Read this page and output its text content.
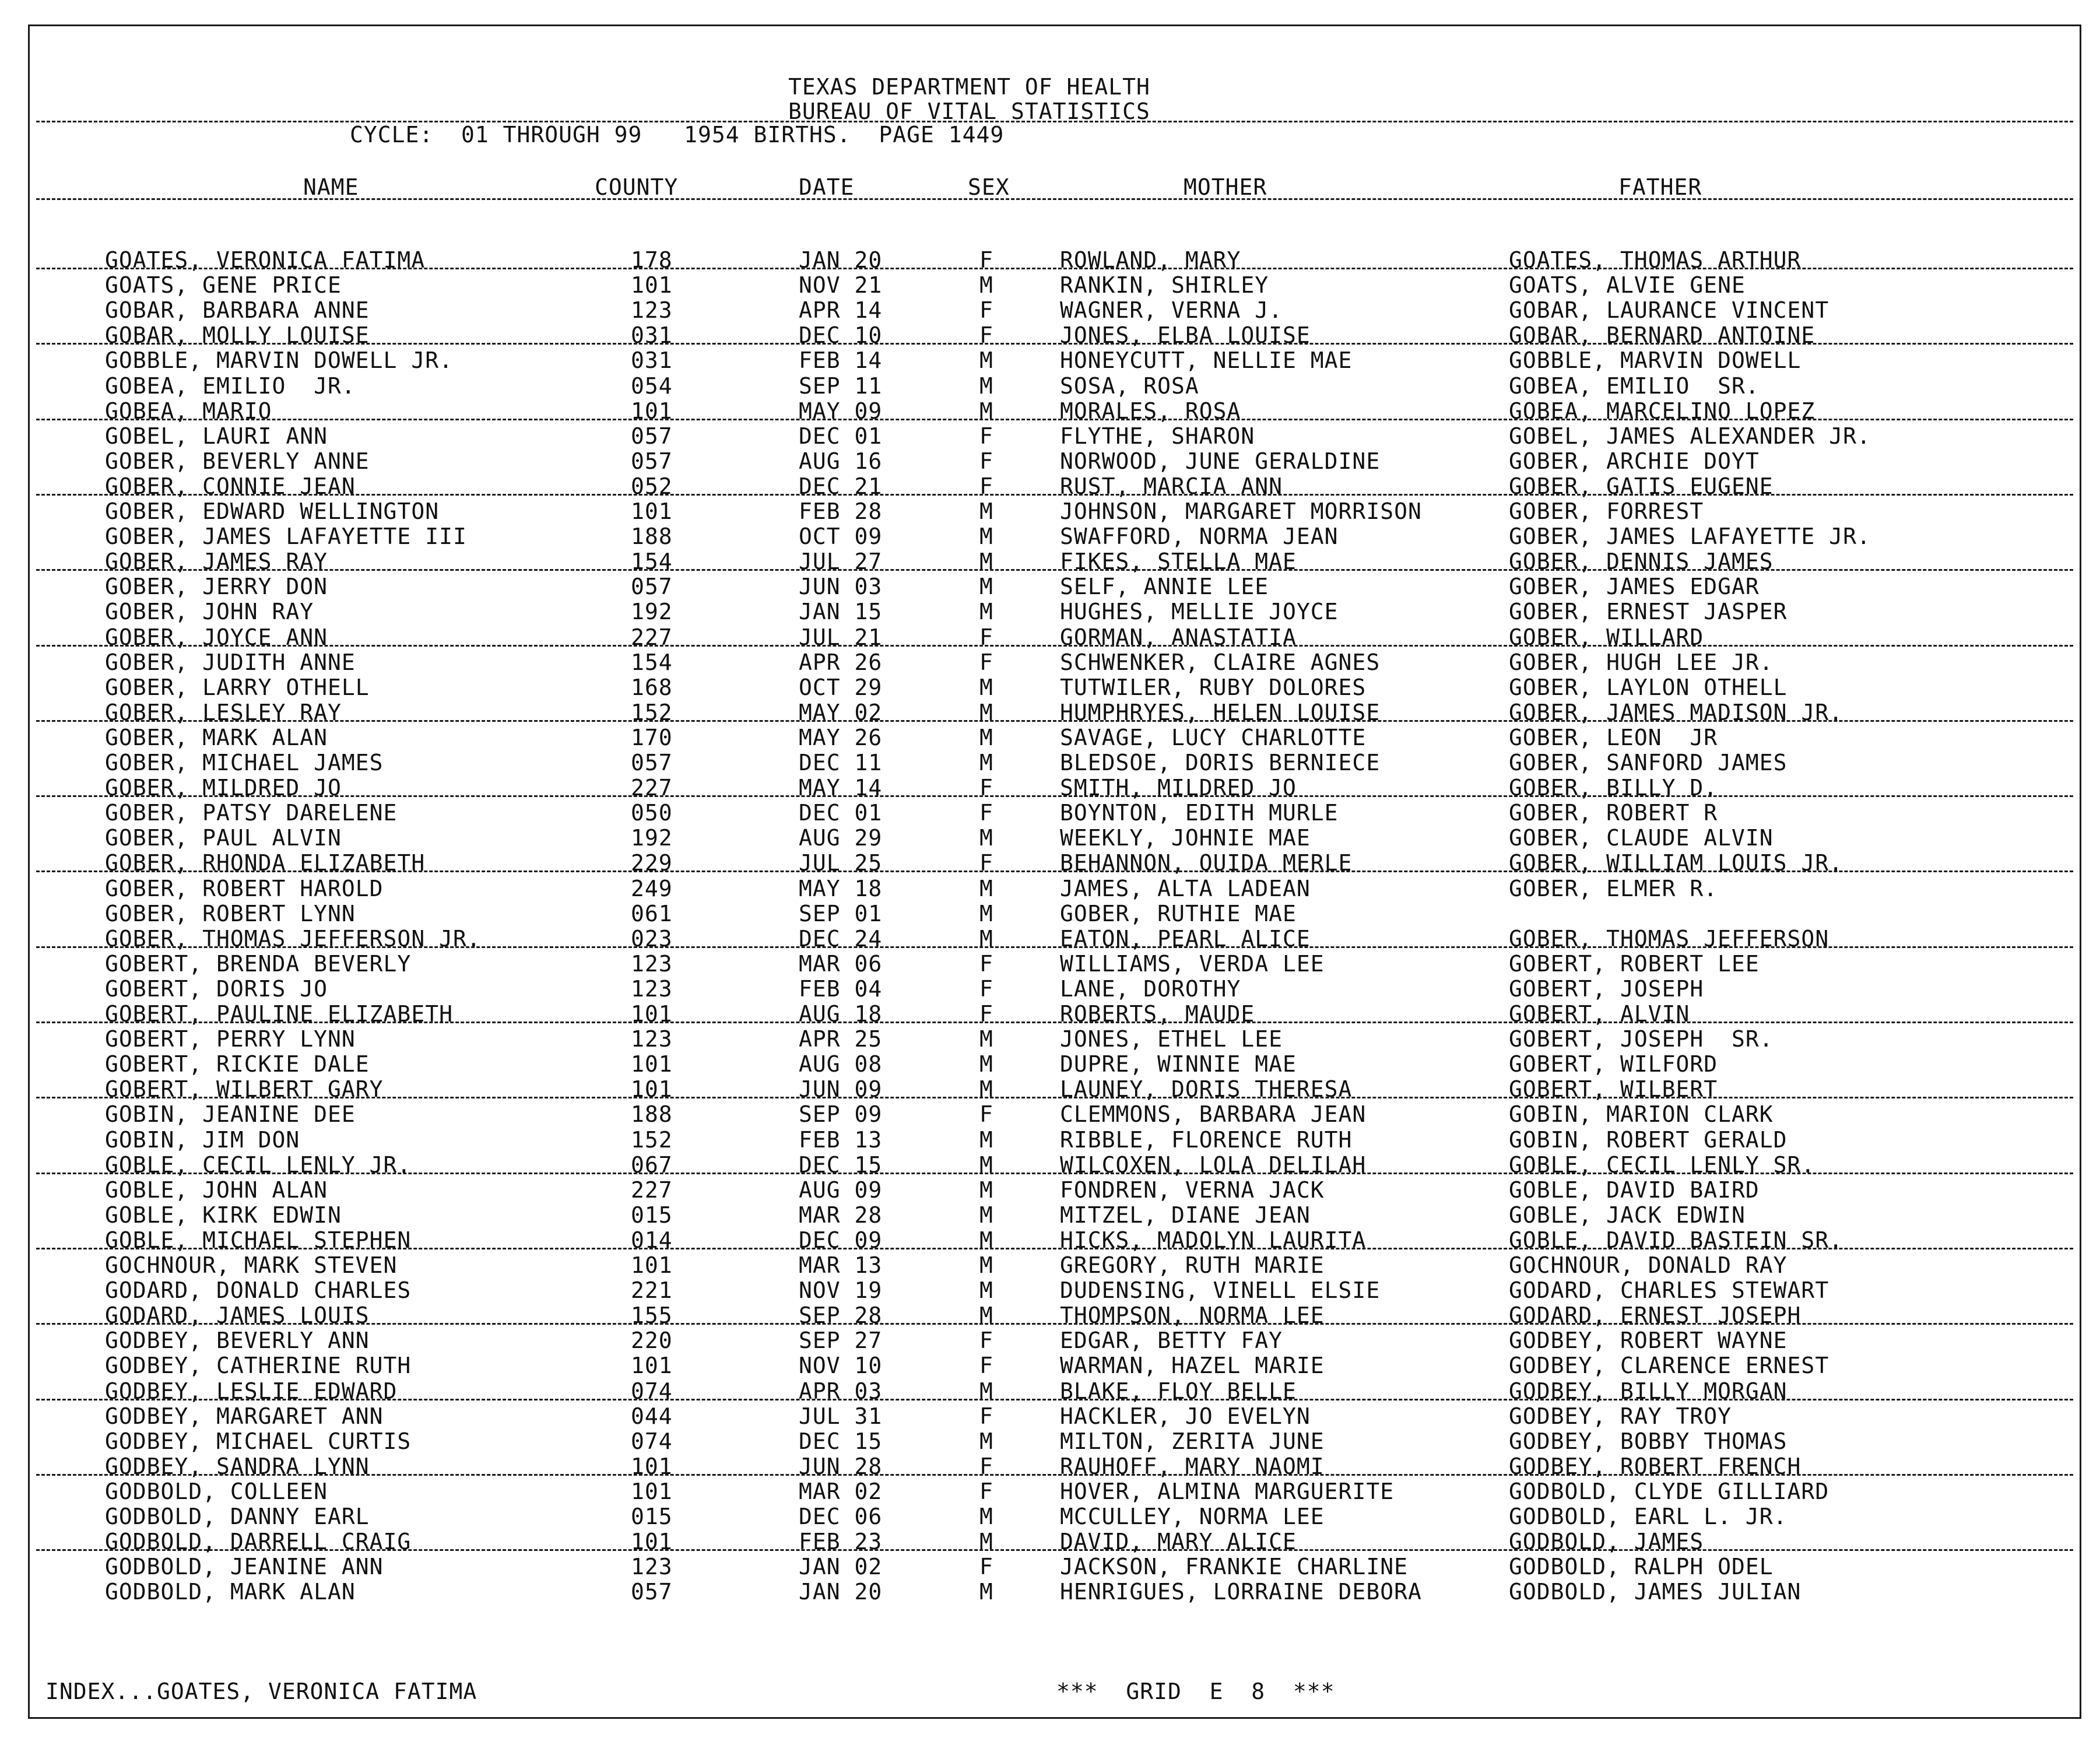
TEXAS DEPARTMENT OF HEALTH
BUREAU OF VITAL STATISTICS
CYCLE:  01 THROUGH 99   1954 BIRTHS.  PAGE 1449
NAME	COUNTY	DATE	SEX	MOTHER	FATHER
GOATES, VERONICA FATIMA	178	JAN 20	F	ROWLAND, MARY	GOATES, THOMAS ARTHUR
GOATS, GENE PRICE	101	NOV 21	M	RANKIN, SHIRLEY	GOATS, ALVIE GENE
GOBAR, BARBARA ANNE	123	APR 14	F	WAGNER, VERNA J.	GOBAR, LAURANCE VINCENT
GOBAR, MOLLY LOUISE	031	DEC 10	F	JONES, ELBA LOUISE	GOBAR, BERNARD ANTOINE
GOBBLE, MARVIN DOWELL JR.	031	FEB 14	M	HONEYCUTT, NELLIE MAE	GOBBLE, MARVIN DOWELL
GOBEA, EMILIO  JR.	054	SEP 11	M	SOSA, ROSA	GOBEA, EMILIO  SR.
GOBEA, MARIO	101	MAY 09	M	MORALES, ROSA	GOBEA, MARCELINO LOPEZ
GOBEL, LAURI ANN	057	DEC 01	F	FLYTHE, SHARON	GOBEL, JAMES ALEXANDER JR.
GOBER, BEVERLY ANNE	057	AUG 16	F	NORWOOD, JUNE GERALDINE	GOBER, ARCHIE DOYT
GOBER, CONNIE JEAN	052	DEC 21	F	RUST, MARCIA ANN	GOBER, GATIS EUGENE
GOBER, EDWARD WELLINGTON	101	FEB 28	M	JOHNSON, MARGARET MORRISON	GOBER, FORREST
GOBER, JAMES LAFAYETTE III	188	OCT 09	M	SWAFFORD, NORMA JEAN	GOBER, JAMES LAFAYETTE JR.
GOBER, JAMES RAY	154	JUL 27	M	FIKES, STELLA MAE	GOBER, DENNIS JAMES
GOBER, JERRY DON	057	JUN 03	M	SELF, ANNIE LEE	GOBER, JAMES EDGAR
GOBER, JOHN RAY	192	JAN 15	M	HUGHES, MELLIE JOYCE	GOBER, ERNEST JASPER
GOBER, JOYCE ANN	227	JUL 21	F	GORMAN, ANASTATIA	GOBER, WILLARD
GOBER, JUDITH ANNE	154	APR 26	F	SCHWENKER, CLAIRE AGNES	GOBER, HUGH LEE JR.
GOBER, LARRY OTHELL	168	OCT 29	M	TUTWILER, RUBY DOLORES	GOBER, LAYLON OTHELL
GOBER, LESLEY RAY	152	MAY 02	M	HUMPHRYES, HELEN LOUISE	GOBER, JAMES MADISON JR.
GOBER, MARK ALAN	170	MAY 26	M	SAVAGE, LUCY CHARLOTTE	GOBER, LEON  JR
GOBER, MICHAEL JAMES	057	DEC 11	M	BLEDSOE, DORIS BERNIECE	GOBER, SANFORD JAMES
GOBER, MILDRED JO	227	MAY 14	F	SMITH, MILDRED JO	GOBER, BILLY D.
GOBER, PATSY DARELENE	050	DEC 01	F	BOYNTON, EDITH MURLE	GOBER, ROBERT R
GOBER, PAUL ALVIN	192	AUG 29	M	WEEKLY, JOHNIE MAE	GOBER, CLAUDE ALVIN
GOBER, RHONDA ELIZABETH	229	JUL 25	F	BEHANNON, OUIDA MERLE	GOBER, WILLIAM LOUIS JR.
GOBER, ROBERT HAROLD	249	MAY 18	M	JAMES, ALTA LADEAN	GOBER, ELMER R.
GOBER, ROBERT LYNN	061	SEP 01	M	GOBER, RUTHIE MAE
GOBER, THOMAS JEFFERSON JR.	023	DEC 24	M	EATON, PEARL ALICE	GOBER, THOMAS JEFFERSON
GOBERT, BRENDA BEVERLY	123	MAR 06	F	WILLIAMS, VERDA LEE	GOBERT, ROBERT LEE
GOBERT, DORIS JO	123	FEB 04	F	LANE, DOROTHY	GOBERT, JOSEPH
GOBERT, PAULINE ELIZABETH	101	AUG 18	F	ROBERTS, MAUDE	GOBERT, ALVIN
GOBERT, PERRY LYNN	123	APR 25	M	JONES, ETHEL LEE	GOBERT, JOSEPH  SR.
GOBERT, RICKIE DALE	101	AUG 08	M	DUPRE, WINNIE MAE	GOBERT, WILFORD
GOBERT, WILBERT GARY	101	JUN 09	M	LAUNEY, DORIS THERESA	GOBERT, WILBERT
GOBIN, JEANINE DEE	188	SEP 09	F	CLEMMONS, BARBARA JEAN	GOBIN, MARION CLARK
GOBIN, JIM DON	152	FEB 13	M	RIBBLE, FLORENCE RUTH	GOBIN, ROBERT GERALD
GOBLE, CECIL LENLY JR.	067	DEC 15	M	WILCOXEN, LOLA DELILAH	GOBLE, CECIL LENLY SR.
GOBLE, JOHN ALAN	227	AUG 09	M	FONDREN, VERNA JACK	GOBLE, DAVID BAIRD
GOBLE, KIRK EDWIN	015	MAR 28	M	MITZEL, DIANE JEAN	GOBLE, JACK EDWIN
GOBLE, MICHAEL STEPHEN	014	DEC 09	M	HICKS, MADOLYN LAURITA	GOBLE, DAVID BASTEIN SR.
GOCHNOUR, MARK STEVEN	101	MAR 13	M	GREGORY, RUTH MARIE	GOCHNOUR, DONALD RAY
GODARD, DONALD CHARLES	221	NOV 19	M	DUDENSING, VINELL ELSIE	GODARD, CHARLES STEWART
GODARD, JAMES LOUIS	155	SEP 28	M	THOMPSON, NORMA LEE	GODARD, ERNEST JOSEPH
GODBEY, BEVERLY ANN	220	SEP 27	F	EDGAR, BETTY FAY	GODBEY, ROBERT WAYNE
GODBEY, CATHERINE RUTH	101	NOV 10	F	WARMAN, HAZEL MARIE	GODBEY, CLARENCE ERNEST
GODBEY, LESLIE EDWARD	074	APR 03	M	BLAKE, FLOY BELLE	GODBEY, BILLY MORGAN
GODBEY, MARGARET ANN	044	JUL 31	F	HACKLER, JO EVELYN	GODBEY, RAY TROY
GODBEY, MICHAEL CURTIS	074	DEC 15	M	MILTON, ZERITA JUNE	GODBEY, BOBBY THOMAS
GODBEY, SANDRA LYNN	101	JUN 28	F	RAUHOFF, MARY NAOMI	GODBEY, ROBERT FRENCH
GODBOLD, COLLEEN	101	MAR 02	F	HOVER, ALMINA MARGUERITE	GODBOLD, CLYDE GILLIARD
GODBOLD, DANNY EARL	015	DEC 06	M	MCCULLEY, NORMA LEE	GODBOLD, EARL L. JR.
GODBOLD, DARRELL CRAIG	101	FEB 23	M	DAVID, MARY ALICE	GODBOLD, JAMES
GODBOLD, JEANINE ANN	123	JAN 02	F	JACKSON, FRANKIE CHARLINE	GODBOLD, RALPH ODEL
GODBOLD, MARK ALAN	057	JAN 20	M	HENRIGUES, LORRAINE DEBORA	GODBOLD, JAMES JULIAN
INDEX...GOATES, VERONICA FATIMA	***  GRID  E  8  ***
